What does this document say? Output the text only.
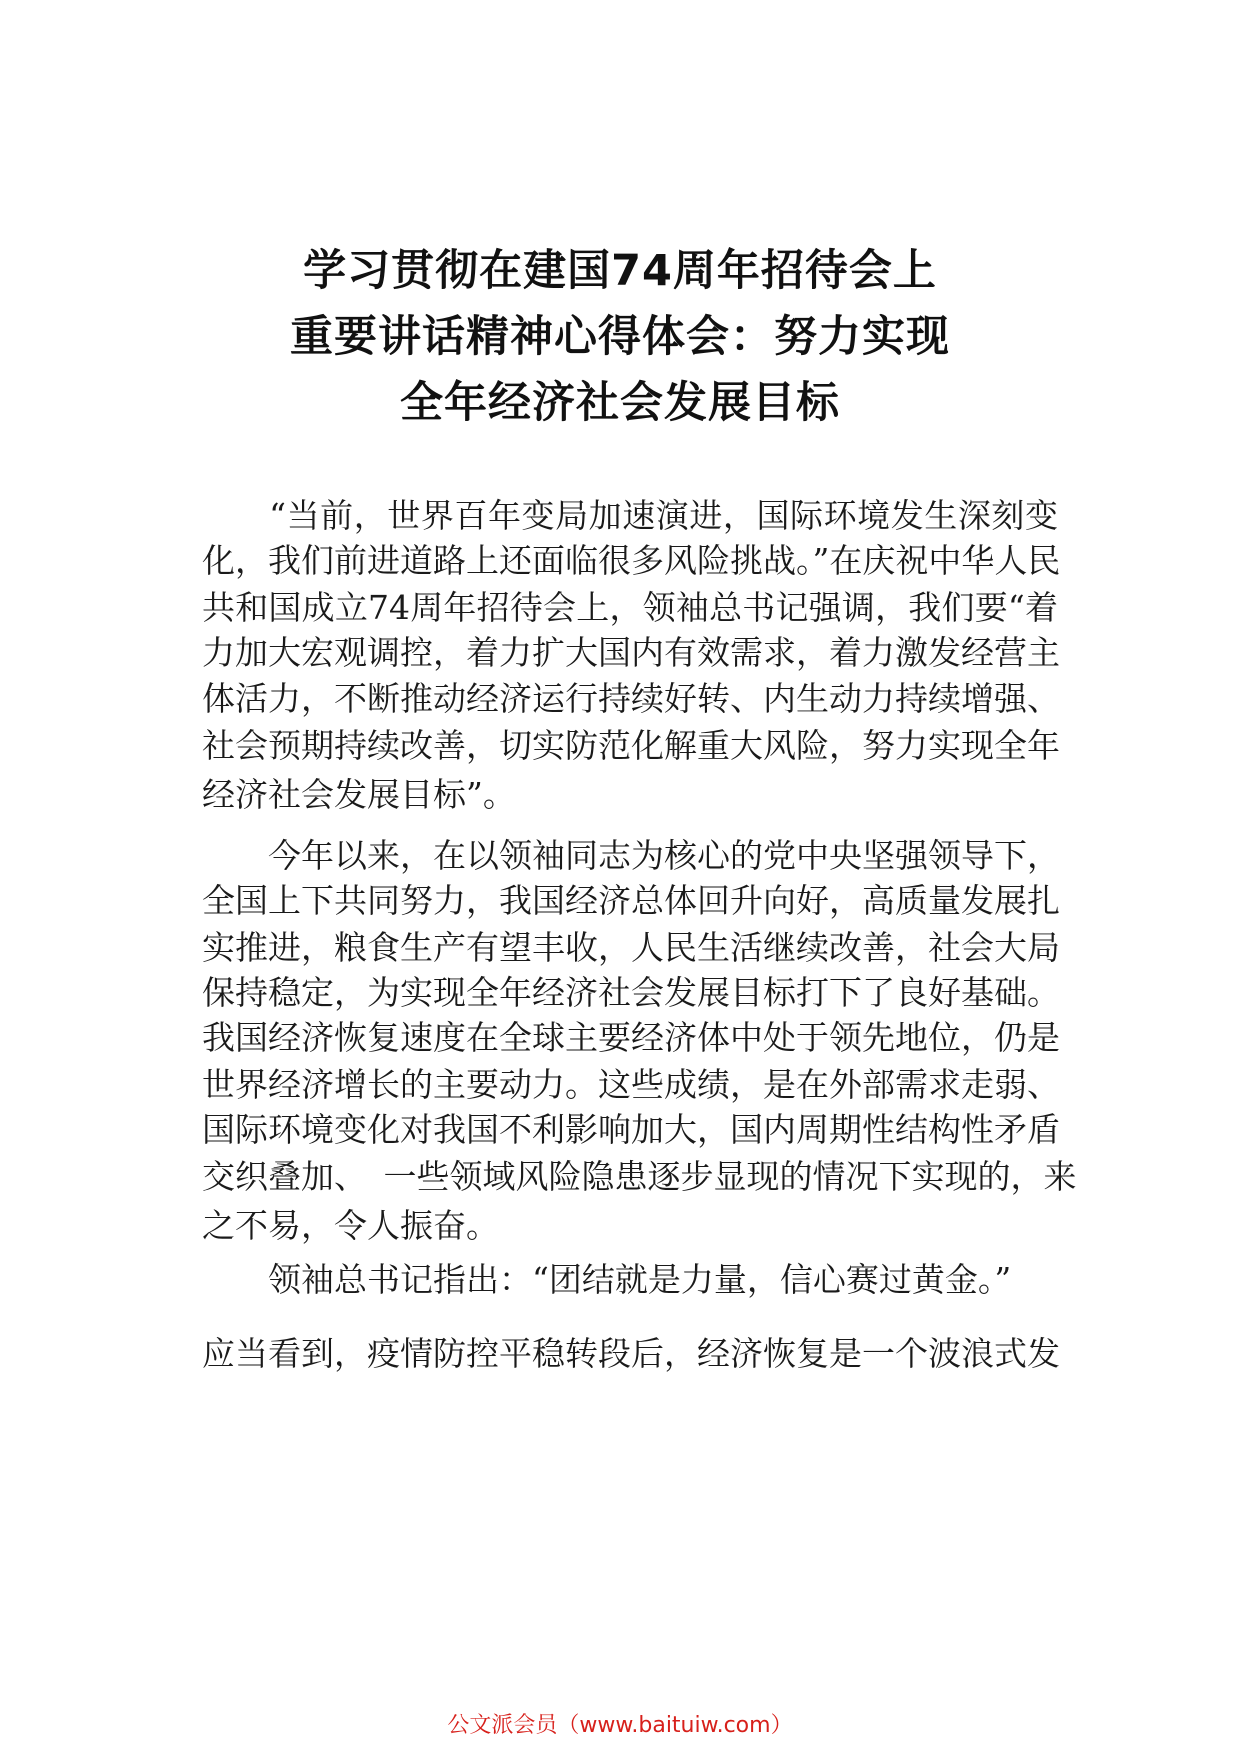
学习贯彻在建国74周年招待会上
重要讲话精神心得体会：努力实现
全年经济社会发展目标
　　“当前，世界百年变局加速演进，国际环境发生深刻变
化，我们前进道路上还面临很多风险挑战。”在庆祝中华人民
共和国成立74周年招待会上，领袖总书记强调，我们要“着
力加大宏观调控，着力扩大国内有效需求，着力激发经营主
体活力，不断推动经济运行持续好转、内生动力持续增强、
社会预期持续改善，切实防范化解重大风险，努力实现全年
经济社会发展目标”。
　　今年以来，在以领袖同志为核心的党中央坚强领导下，
全国上下共同努力，我国经济总体回升向好，高质量发展扎
实推进，粮食生产有望丰收，人民生活继续改善，社会大局
保持稳定，为实现全年经济社会发展目标打下了良好基础。
我国经济恢复速度在全球主要经济体中处于领先地位，仍是
世界经济增长的主要动力。这些成绩，是在外部需求走弱、
国际环境变化对我国不利影响加大，国内周期性结构性矛盾
交织叠加、　一些领域风险隐患逐步显现的情况下实现的，来
之不易，令人振奋。
　　领袖总书记指出：“团结就是力量，信心赛过黄金。”
应当看到，疫情防控平稳转段后，经济恢复是一个波浪式发
公文派会员（www.baituiw.com）
